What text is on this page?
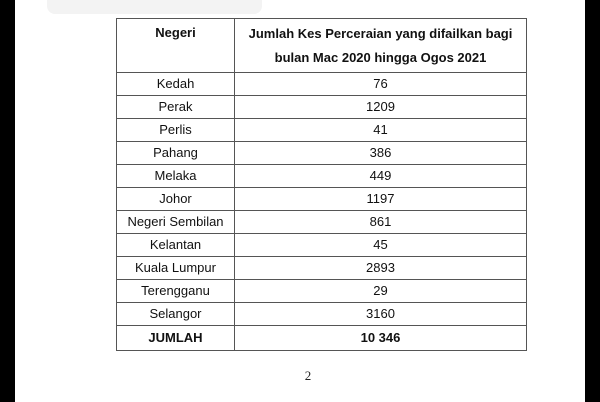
Negeri	Jumlah Kes Perceraian yang difailkan bagi
bulan Mac 2020 hingga Ogos 2021

Kedah	76
Perak	1209
Perlis	41
Pahang	386
Melaka	449
Johor	1197
Negeri Sembilan	861
Kelantan	45
Kuala Lumpur	2893
Terengganu	29
Selangor	3160
JUMLAH	10 346
2
